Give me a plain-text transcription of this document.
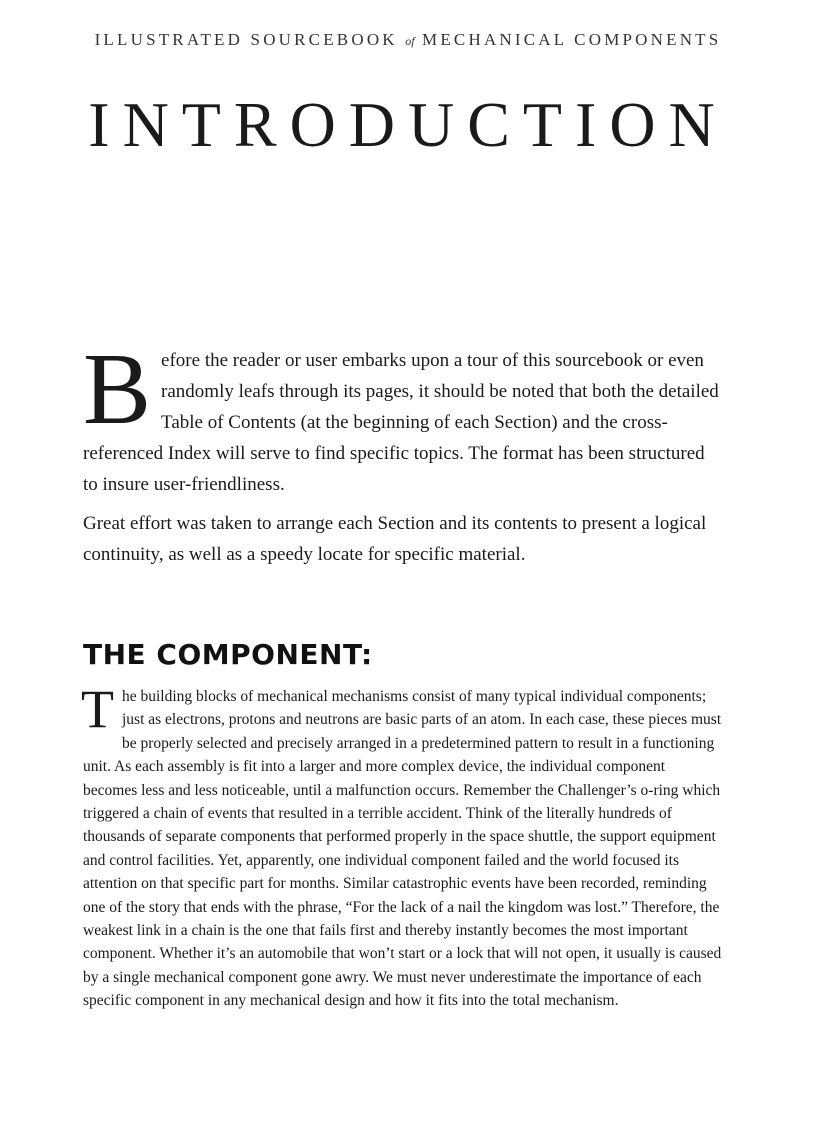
ILLUSTRATED SOURCEBOOK of MECHANICAL COMPONENTS
INTRODUCTION

Before the reader or user embarks upon a tour of this sourcebook or even randomly leafs through its pages, it should be noted that both the detailed Table of Contents (at the beginning of each Section) and the cross-referenced Index will serve to find specific topics. The format has been structured to insure user-friendliness.

Great effort was taken to arrange each Section and its contents to present a logical continuity, as well as a speedy locate for specific material.

THE COMPONENT:

The building blocks of mechanical mechanisms consist of many typical individual components; just as electrons, protons and neutrons are basic parts of an atom. In each case, these pieces must be properly selected and precisely arranged in a predetermined pattern to result in a functioning unit. As each assembly is fit into a larger and more complex device, the individual component becomes less and less noticeable, until a malfunction occurs. Remember the Challenger’s o-ring which triggered a chain of events that resulted in a terrible accident. Think of the literally hundreds of thousands of separate components that performed properly in the space shuttle, the support equipment and control facilities. Yet, apparently, one individual component failed and the world focused its attention on that specific part for months. Similar catastrophic events have been recorded, reminding one of the story that ends with the phrase, “For the lack of a nail the kingdom was lost.” Therefore, the weakest link in a chain is the one that fails first and thereby instantly becomes the most important component. Whether it’s an automobile that won’t start or a lock that will not open, it usually is caused by a single mechanical component gone awry. We must never underestimate the importance of each specific component in any mechanical design and how it fits into the total mechanism.
